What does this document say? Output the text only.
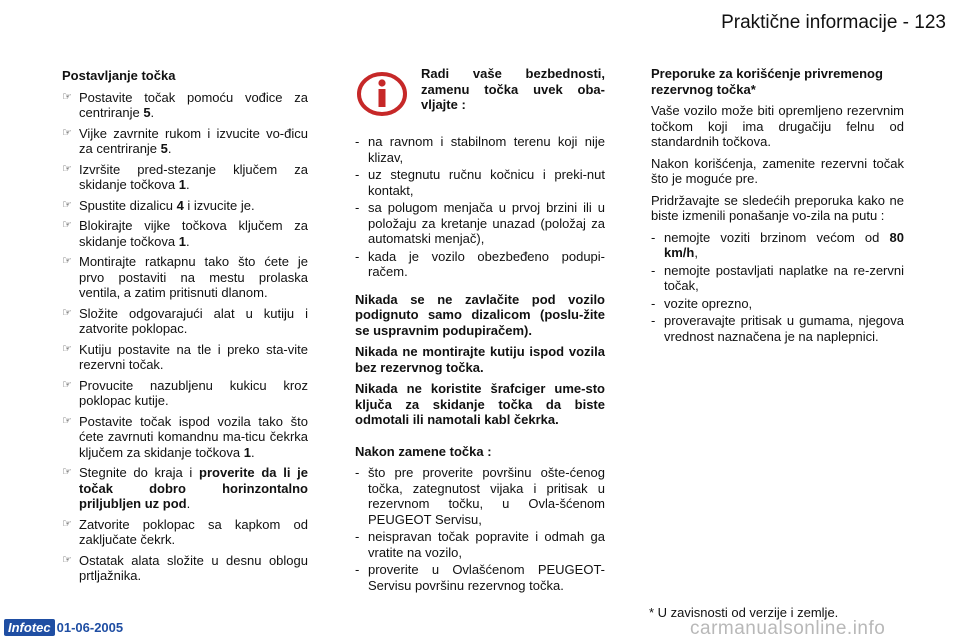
Praktične informacije - 123
Postavljanje točka
☞ Postavite točak pomoću vođice za centriranje 5.
☞ Vijke zavrnite rukom i izvucite vo-đicu za centriranje 5.
☞ Izvršite pred-stezanje ključem za skidanje točkova 1.
☞ Spustite dizalicu 4 i izvucite je.
☞ Blokirajte vijke točkova ključem za skidanje točkova 1.
☞ Montirajte ratkapnu tako što ćete je prvo postaviti na mestu prolaska ventila, a zatim pritisnuti dlanom.
☞ Složite odgovarajući alat u kutiju i zatvorite poklopac.
☞ Kutiju postavite na tle i preko sta-vite rezervni točak.
☞ Provucite nazubljenu kukicu kroz poklopac kutije.
☞ Postavite točak ispod vozila tako što ćete zavrnuti komandnu ma-ticu čekrka ključem za skidanje točkova 1.
☞ Stegnite do kraja i proverite da li je točak dobro horinzontalno priljubljen uz pod.
☞ Zatvorite poklopac sa kapkom od zaključate čekrk.
☞ Ostatak alata složite u desnu oblogu prtljažnika.
Radi vaše bezbednosti, zamenu točka uvek oba-vljajte :
- na ravnom i stabilnom terenu koji nije klizav,
- uz stegnutu ručnu kočnicu i preki-nut kontakt,
- sa polugom menjača u prvoj brzini ili u položaju za kretanje unazad (položaj za automatski menjač),
- kada je vozilo obezbeđeno podupi-račem.
Nikada se ne zavlačite pod vozilo podignuto samo dizalicom (poslu-žite se uspravnim podupiračem).
Nikada ne montirajte kutiju ispod vozila bez rezervnog točka.
Nikada ne koristite šrafciger ume-sto ključa za skidanje točka da biste odmotali ili namotali kabl čekrka.
Nakon zamene točka :
- što pre proverite površinu ošte-ćenog točka, zategnutost vijaka i pritisak u rezervnom točku, u Ovla-šćenom PEUGEOT Servisu,
- neispravan točak popravite i odmah ga vratite na vozilo,
- proverite u Ovlašćenom PEUGEOT-Servisu površinu rezervnog točka.
Preporuke za korišćenje privremenog rezervnog točka*
Vaše vozilo može biti opremljeno rezervnim točkom koji ima drugačiju felnu od standardnih točkova.
Nakon korišćenja, zamenite rezervni točak što je moguće pre.
Pridržavajte se sledećih preporuka kako ne biste izmenili ponašanje vo-zila na putu :
- nemojte voziti brzinom većom od 80 km/h,
- nemojte postavljati naplatke na re-zervni točak,
- vozite oprezno,
- proveravajte pritisak u gumama, njegova vrednost naznačena je na naplepnici.
* U zavisnosti od verzije i zemlje.
Infotec 01-06-2005	carmanualsonline.info
